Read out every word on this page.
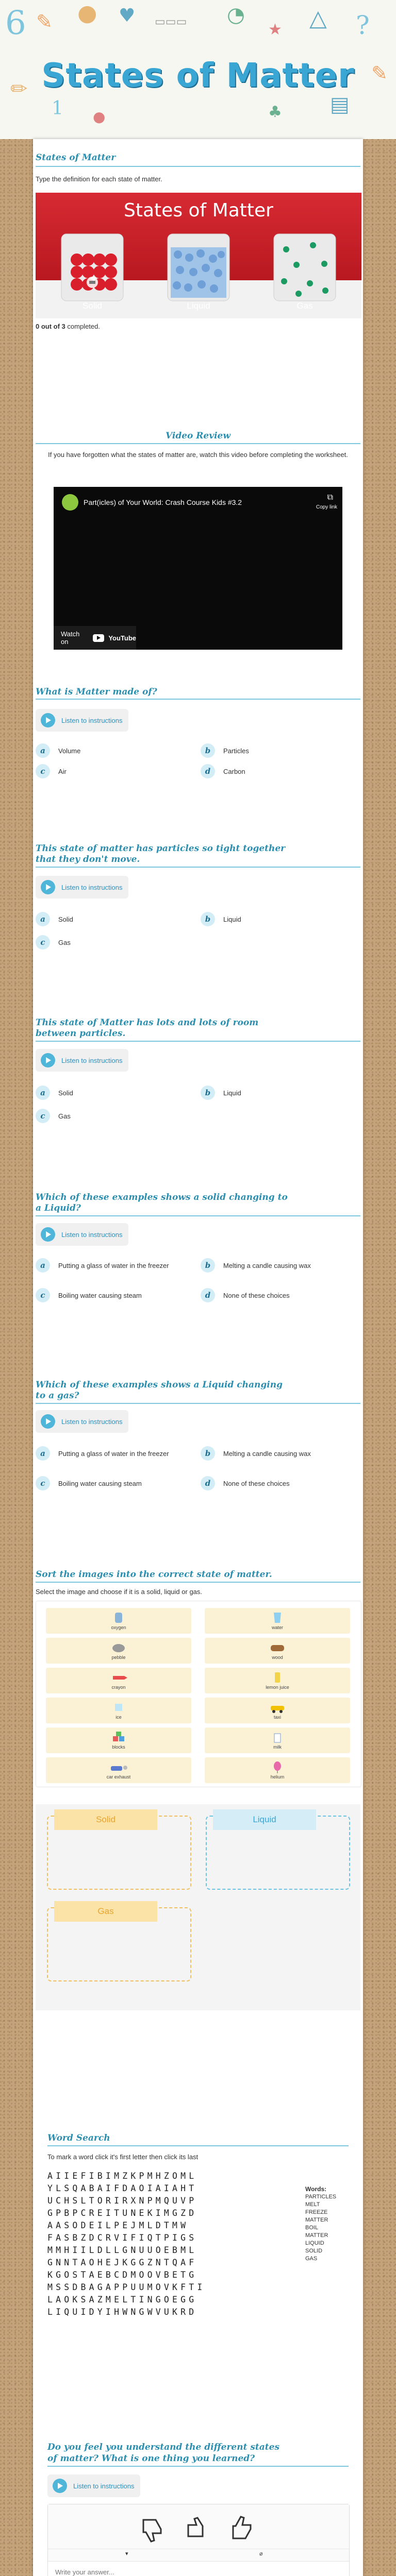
6 ✎ ● ♥ ▭▭▭ ◔
★ △ ?
✏
1 ●	♣ ▤
✎
States of Matter
States of Matter
Type the definition for each state of matter.
States of Matter
Solid	Liquid	Gas
0 out of 3 completed.
Video Review
If you have forgotten what the states of matter are, watch this video before completing the worksheet.
Part(icles) of Your World: Crash Course Kids #3.2
⧉
Copy link
Watch on	YouTube
What is Matter made of?
Listen to instructions
a	Volume	b	Particles
c	Air	d	Carbon
This state of matter has particles so tight together
that they don't move.
Listen to instructions
a	Solid	b	Liquid
c	Gas
This state of Matter has lots and lots of room
between particles.
Listen to instructions
a	Solid	b	Liquid
c	Gas
Which of these examples shows a solid changing to
a Liquid?
Listen to instructions
a	Putting a glass of water in the freezer	b	Melting a candle causing wax
c	Boiling water causing steam	d	None of these choices
Which of these examples shows a Liquid changing
to a gas?
Listen to instructions
a	Putting a glass of water in the freezer	b	Melting a candle causing wax
c	Boiling water causing steam	d	None of these choices
Sort the images into the correct state of matter.
Select the image and choose if it is a solid, liquid or gas.
oxygen	water
pebble	wood
crayon	lemon juice
ice	taxi
blocks	milk
car exhaust	helium
Solid	Liquid
Gas
Word Search
To mark a word click it's first letter then click its last
AIIEFIBIMZKPMHZOML
YLSQABAIFDAOIAIAHT
UCHSLTORIRXNPMQUVP
GPBPCREITUNEKIMGZD
AASODEILPEJMLDTMW
FASBZDCRVIFIQTPIGS
MMHIILDLLGNUUOEBML
GNNTAOHEJKGGZNTQAF
KGOSTAEBCDMOOVBETG
MSSDBAGAPPUUMOVKFTI
LAOKSAZMELTINGOEGG
LIQUIDYIHWNGWVUKRD
Words:
PARTICLES
MELT
FREEZE
MATTER
BOIL
MATTER
LIQUID
SOLID
GAS
Do you feel you understand the different states
of matter? What is one thing you learned?
Listen to instructions
▾	⌀
Write your answer...
